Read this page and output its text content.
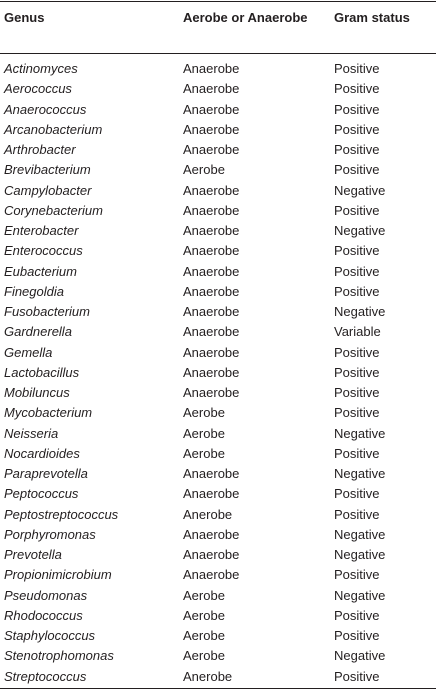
Genus	Aerobe or Anaerobe	Gram status
Actinomyces	Anaerobe	Positive
Aerococcus	Anaerobe	Positive
Anaerococcus	Anaerobe	Positive
Arcanobacterium	Anaerobe	Positive
Arthrobacter	Anaerobe	Positive
Brevibacterium	Aerobe	Positive
Campylobacter	Anaerobe	Negative
Corynebacterium	Anaerobe	Positive
Enterobacter	Anaerobe	Negative
Enterococcus	Anaerobe	Positive
Eubacterium	Anaerobe	Positive
Finegoldia	Anaerobe	Positive
Fusobacterium	Anaerobe	Negative
Gardnerella	Anaerobe	Variable
Gemella	Anaerobe	Positive
Lactobacillus	Anaerobe	Positive
Mobiluncus	Anaerobe	Positive
Mycobacterium	Aerobe	Positive
Neisseria	Aerobe	Negative
Nocardioides	Aerobe	Positive
Paraprevotella	Anaerobe	Negative
Peptococcus	Anaerobe	Positive
Peptostreptococcus	Anerobe	Positive
Porphyromonas	Anaerobe	Negative
Prevotella	Anaerobe	Negative
Propionimicrobium	Anaerobe	Positive
Pseudomonas	Aerobe	Negative
Rhodococcus	Aerobe	Positive
Staphylococcus	Aerobe	Positive
Stenotrophomonas	Aerobe	Negative
Streptococcus	Anerobe	Positive
